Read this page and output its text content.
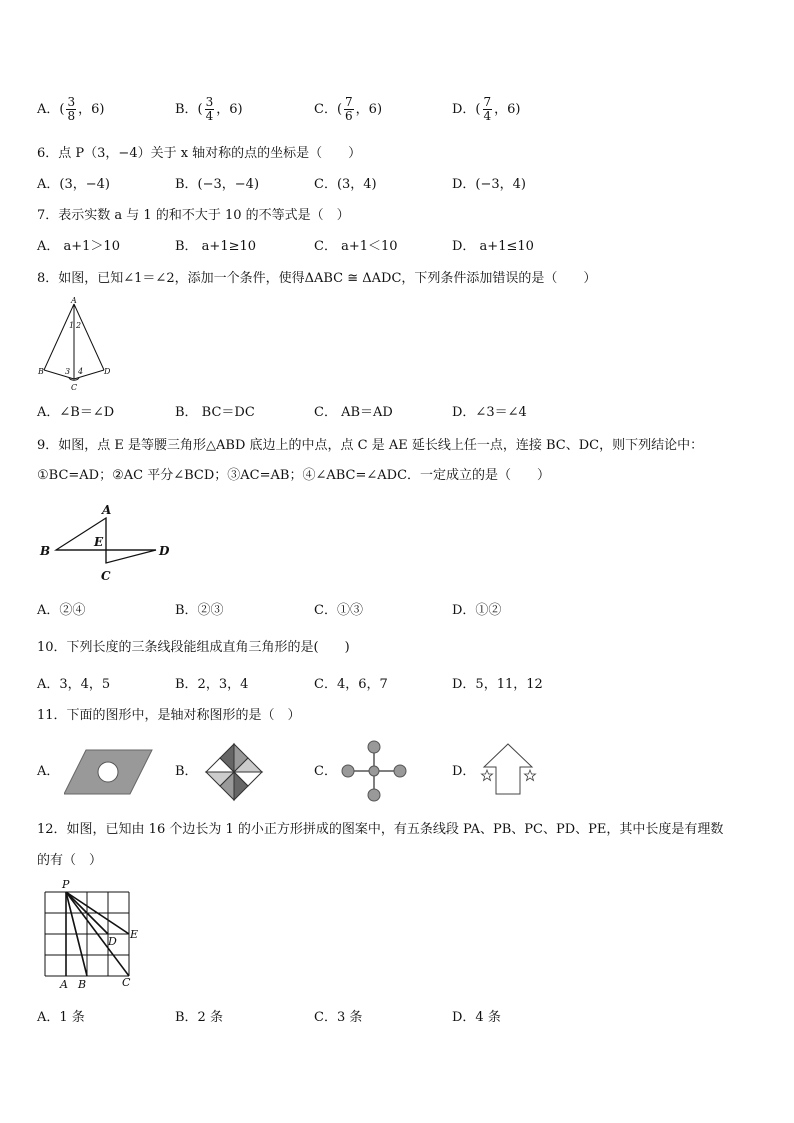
A．( $\frac{3}{8}$ ，6)	B．( $\frac{3}{4}$ ，6)	C．( $\frac{7}{6}$ ，6)	D．( $\frac{7}{4}$ ，6)
6．点 P（3，−4）关于 x 轴对称的点的坐标是（　　）
A．(3，−4)	B．(−3，−4)	C．(3，4)	D．(−3，4)
7．表示实数 a 与 1 的和不大于 10 的不等式是（　）
A． a+1＞10	B． a+1≥10	C． a+1＜10	D． a+1≤10
8．如图，已知∠1＝∠2，添加一个条件，使得ΔABC ≅ ΔADC，下列条件添加错误的是（　　）
A
1 2
B	3 4	D
C
A．∠B＝∠D	B． BC＝DC	C． AB＝AD	D．∠3＝∠4
9．如图，点 E 是等腰三角形△ABD 底边上的中点，点 C 是 AE 延长线上任一点，连接 BC、DC，则下列结论中：
①BC=AD；②AC 平分∠BCD；③AC=AB；④∠ABC=∠ADC．一定成立的是（　　）
A
B
E
D
C
A．②④	B．②③	C．①③	D．①②
10．下列长度的三条线段能组成直角三角形的是(　　)
A．3，4，5	B．2，3，4	C．4，6，7	D．5，11，12
11．下面的图形中，是轴对称图形的是（　）
A．	B．	C．	D．
12．如图，已知由 16 个边长为 1 的小正方形拼成的图案中，有五条线段 PA、PB、PC、PD、PE，其中长度是有理数
的有（　）
P
D
E
A B	C
A．1 条	B．2 条	C．3 条	D．4 条
